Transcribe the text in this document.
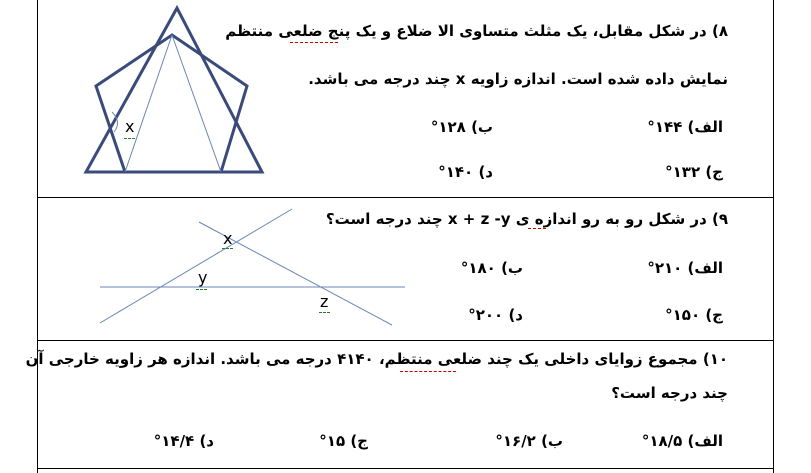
x
x
y
z
۸) در شکل مقابل، یک مثلث متساوی الا ضلاع و یک پنج ضلعی منتظم
نمایش داده شده است. اندازه زاویه x چند درجه می باشد.
الف) ۱۴۴°
ب) ۱۲۸°
ج) ۱۳۲°
د) ۱۴۰°
۹) در شکل رو به رو اندازه ی x + z -y چند درجه است؟
الف) ۲۱۰°
ب) ۱۸۰°
ج) ۱۵۰°
د) ۲۰۰°
۱۰) مجموع زوایای داخلی یک چند ضلعی منتظم، ۴۱۴۰ درجه می باشد. اندازه هر زاویه خارجی آن
چند درجه است؟
الف) ۱۸/۵°
ب) ۱۶/۲°
ج) ۱۵°
د) ۱۴/۴°
